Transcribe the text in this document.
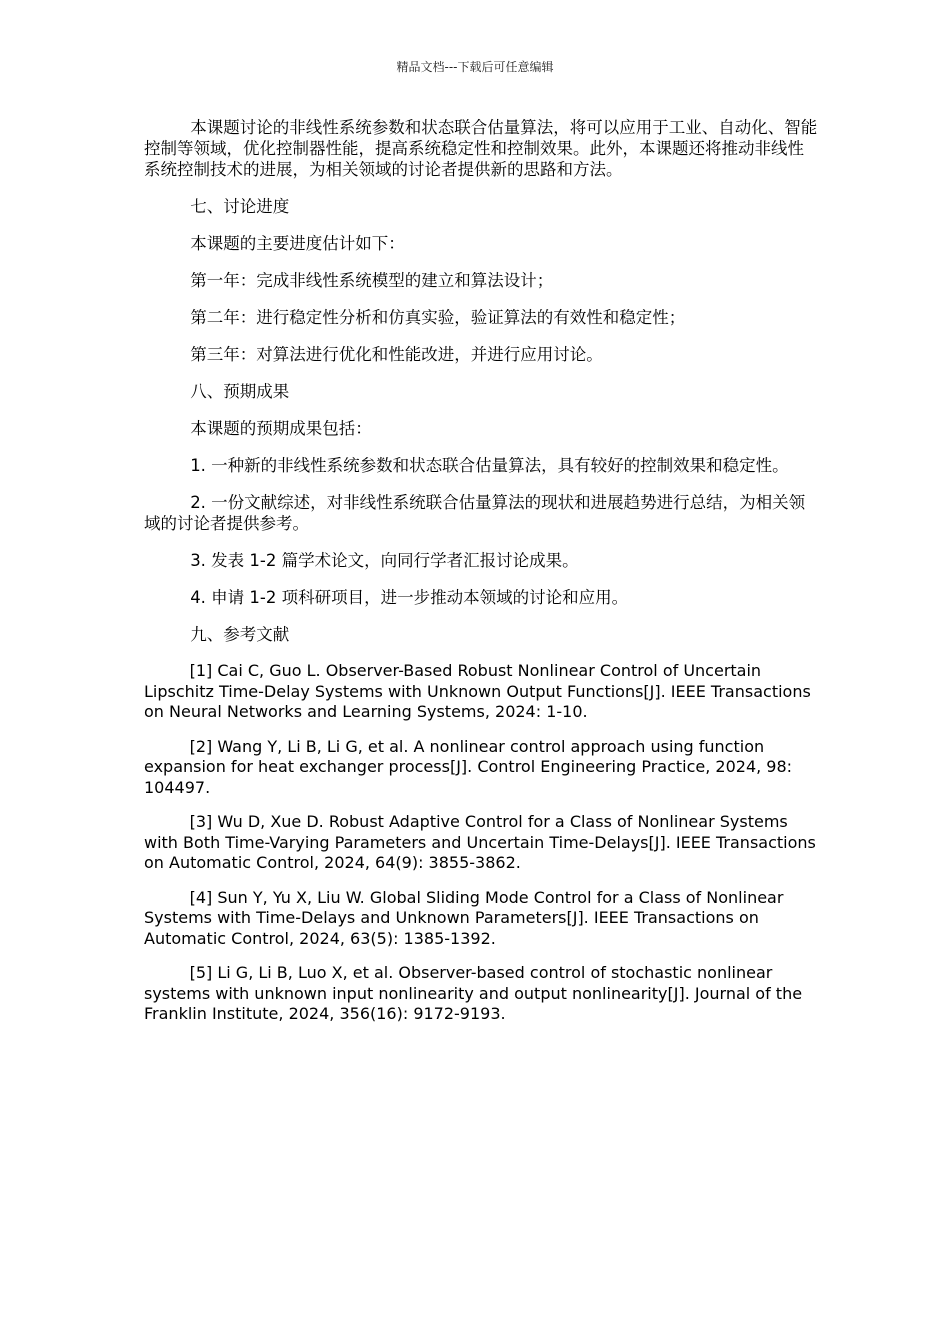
精品文档---下载后可任意编辑

本课题讨论的非线性系统参数和状态联合估量算法，将可以应用于工业、自动化、智能控制等领域，优化控制器性能，提高系统稳定性和控制效果。此外，本课题还将推动非线性系统控制技术的进展，为相关领域的讨论者提供新的思路和方法。

七、讨论进度

本课题的主要进度估计如下：

第一年：完成非线性系统模型的建立和算法设计；

第二年：进行稳定性分析和仿真实验，验证算法的有效性和稳定性；

第三年：对算法进行优化和性能改进，并进行应用讨论。

八、预期成果

本课题的预期成果包括：

1. 一种新的非线性系统参数和状态联合估量算法，具有较好的控制效果和稳定性。

2. 一份文献综述，对非线性系统联合估量算法的现状和进展趋势进行总结，为相关领域的讨论者提供参考。

3. 发表 1-2 篇学术论文，向同行学者汇报讨论成果。

4. 申请 1-2 项科研项目，进一步推动本领域的讨论和应用。

九、参考文献

[1] Cai C, Guo L. Observer-Based Robust Nonlinear Control of Uncertain Lipschitz Time-Delay Systems with Unknown Output Functions[J]. IEEE Transactions on Neural Networks and Learning Systems, 2024: 1-10.

[2] Wang Y, Li B, Li G, et al. A nonlinear control approach using function expansion for heat exchanger process[J]. Control Engineering Practice, 2024, 98: 104497.

[3] Wu D, Xue D. Robust Adaptive Control for a Class of Nonlinear Systems with Both Time-Varying Parameters and Uncertain Time-Delays[J]. IEEE Transactions on Automatic Control, 2024, 64(9): 3855-3862.

[4] Sun Y, Yu X, Liu W. Global Sliding Mode Control for a Class of Nonlinear Systems with Time-Delays and Unknown Parameters[J]. IEEE Transactions on Automatic Control, 2024, 63(5): 1385-1392.

[5] Li G, Li B, Luo X, et al. Observer-based control of stochastic nonlinear systems with unknown input nonlinearity and output nonlinearity[J]. Journal of the Franklin Institute, 2024, 356(16): 9172-9193.
